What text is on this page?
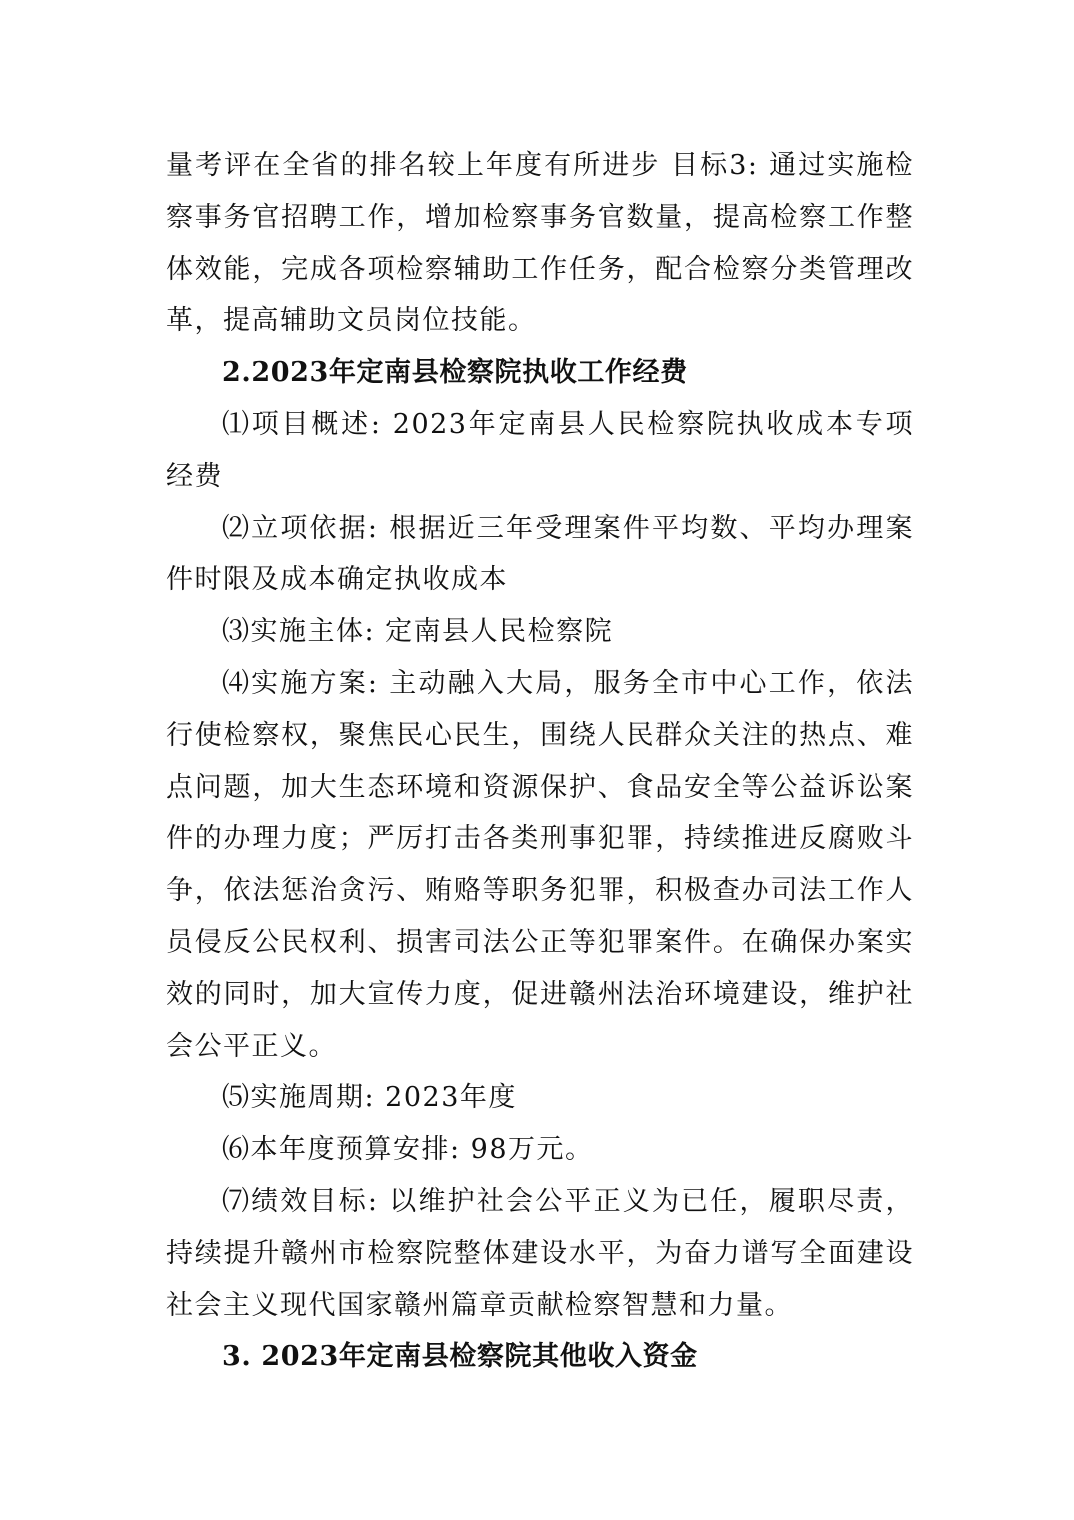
量考评在全省的排名较上年度有所进步 目标3: 通过实施检察事务官招聘工作，增加检察事务官数量，提高检察工作整体效能，完成各项检察辅助工作任务，配合检察分类管理改革，提高辅助文员岗位技能。

2.2023年定南县检察院执收工作经费

⑴项目概述: 2023年定南县人民检察院执收成本专项经费

⑵立项依据: 根据近三年受理案件平均数、平均办理案件时限及成本确定执收成本

⑶实施主体: 定南县人民检察院

⑷实施方案: 主动融入大局，服务全市中心工作，依法行使检察权，聚焦民心民生，围绕人民群众关注的热点、难点问题，加大生态环境和资源保护、食品安全等公益诉讼案件的办理力度；严厉打击各类刑事犯罪，持续推进反腐败斗争，依法惩治贪污、贿赂等职务犯罪，积极查办司法工作人员侵反公民权利、损害司法公正等犯罪案件。在确保办案实效的同时，加大宣传力度，促进赣州法治环境建设，维护社会公平正义。

⑸实施周期: 2023年度

⑹本年度预算安排: 98万元。

⑺绩效目标: 以维护社会公平正义为已任，履职尽责，持续提升赣州市检察院整体建设水平，为奋力谱写全面建设社会主义现代国家赣州篇章贡献检察智慧和力量。

3. 2023年定南县检察院其他收入资金
